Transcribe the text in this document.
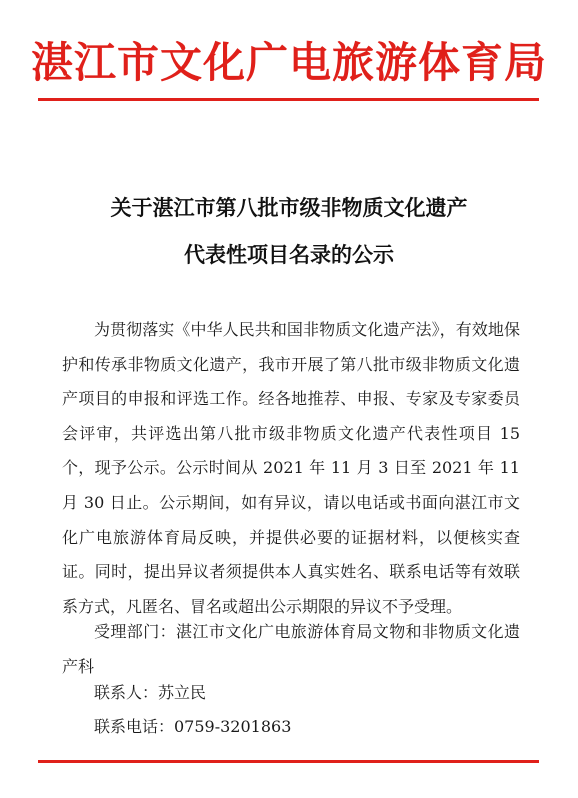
湛江市文化广电旅游体育局
关于湛江市第八批市级非物质文化遗产
代表性项目名录的公示

为贯彻落实《中华人民共和国非物质文化遗产法》，有效地保护和传承非物质文化遗产，我市开展了第八批市级非物质文化遗产项目的申报和评选工作。经各地推荐、申报、专家及专家委员会评审，共评选出第八批市级非物质文化遗产代表性项目 15 个，现予公示。公示时间从 2021 年 11 月 3 日至 2021 年 11 月 30 日止。公示期间，如有异议，请以电话或书面向湛江市文化广电旅游体育局反映，并提供必要的证据材料，以便核实查证。同时，提出异议者须提供本人真实姓名、联系电话等有效联系方式，凡匿名、冒名或超出公示期限的异议不予受理。

受理部门：湛江市文化广电旅游体育局文物和非物质文化遗产科

联系人：苏立民

联系电话：0759-3201863
